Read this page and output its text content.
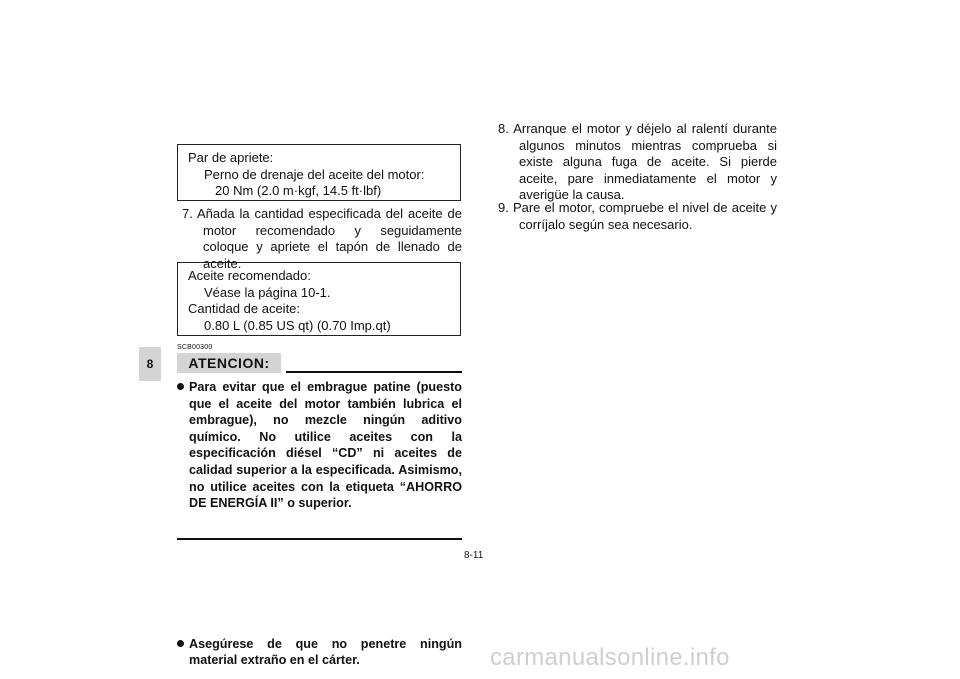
8
Par de apriete:
Perno de drenaje del aceite del motor:
20 Nm (2.0 m·kgf, 14.5 ft·lbf)
7. Añada la cantidad especificada del aceite de motor recomendado y seguidamente coloque y apriete el tapón de llenado de aceite.
Aceite recomendado:
Véase la página 10-1.
Cantidad de aceite:
0.80 L (0.85 US qt) (0.70 Imp.qt)
SCB00300
ATENCION:
Para evitar que el embrague patine (puesto que el aceite del motor también lubrica el embrague), no mezcle ningún aditivo químico. No utilice aceites con la especificación diésel “CD” ni aceites de calidad superior a la especificada. Asimismo, no utilice aceites con la etiqueta “AHORRO DE ENERGÍA II” o superior.
Asegúrese de que no penetre ningún material extraño en el cárter.
8. Arranque el motor y déjelo al ralentí durante algunos minutos mientras comprueba si existe alguna fuga de aceite. Si pierde aceite, pare inmediatamente el motor y averigüe la causa.
9. Pare el motor, compruebe el nivel de aceite y corríjalo según sea necesario.
8-11
carmanualsonline.info
